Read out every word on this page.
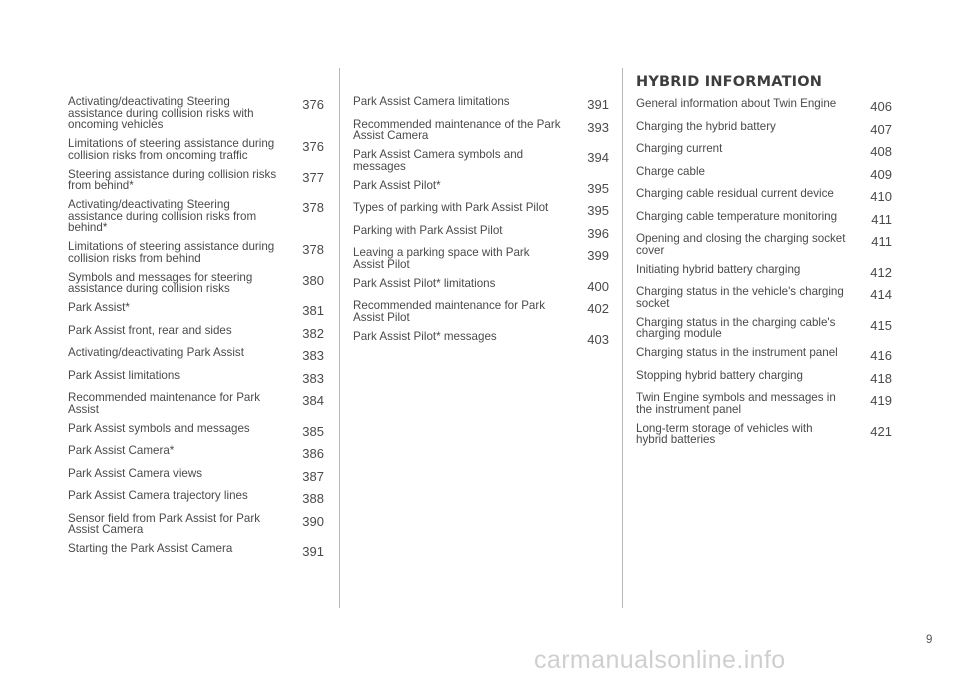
Activating/deactivating Steering assistance during collision risks with oncoming vehicles
376
Limitations of steering assistance during collision risks from oncoming traffic
376
Steering assistance during collision risks from behind*
377
Activating/deactivating Steering assistance during collision risks from behind*
378
Limitations of steering assistance during collision risks from behind
378
Symbols and messages for steering assistance during collision risks
380
Park Assist*	381
Park Assist front, rear and sides	382
Activating/deactivating Park Assist	383
Park Assist limitations	383
Recommended maintenance for Park Assist
384
Park Assist symbols and messages	385
Park Assist Camera*	386
Park Assist Camera views	387
Park Assist Camera trajectory lines	388
Sensor field from Park Assist for Park Assist Camera
390
Starting the Park Assist Camera	391
Park Assist Camera limitations	391
Recommended maintenance of the Park Assist Camera
393
Park Assist Camera symbols and messages
394
Park Assist Pilot*	395
Types of parking with Park Assist Pilot	395
Parking with Park Assist Pilot	396
Leaving a parking space with Park Assist Pilot
399
Park Assist Pilot* limitations	400
Recommended maintenance for Park Assist Pilot
402
Park Assist Pilot* messages	403
HYBRID INFORMATION
General information about Twin Engine	406
Charging the hybrid battery	407
Charging current	408
Charge cable	409
Charging cable residual current device	410
Charging cable temperature monitoring	411
Opening and closing the charging socket cover
411
Initiating hybrid battery charging	412
Charging status in the vehicle's charging socket
414
Charging status in the charging cable's charging module
415
Charging status in the instrument panel	416
Stopping hybrid battery charging	418
Twin Engine symbols and messages in the instrument panel
419
Long-term storage of vehicles with hybrid batteries
421
9
carmanualsonline.info
